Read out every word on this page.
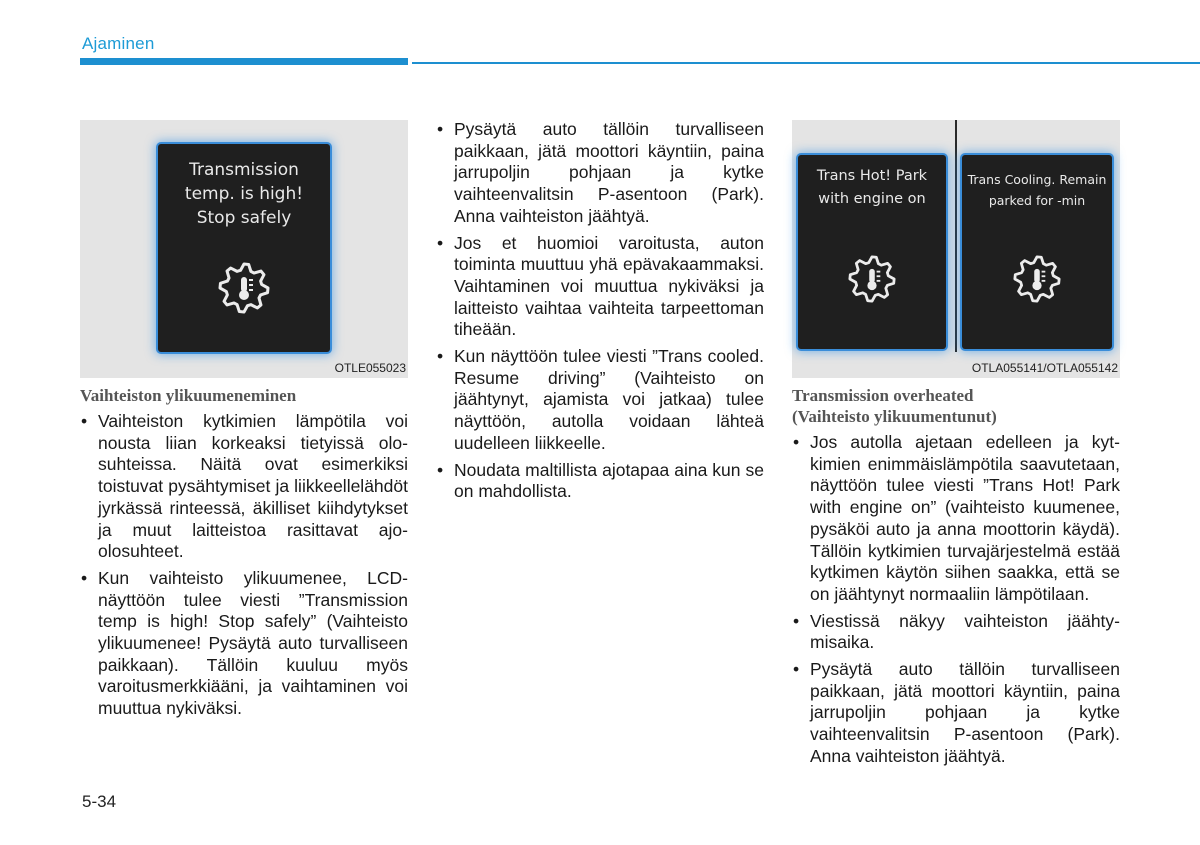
Ajaminen
Transmission
temp. is high!
Stop safely
OTLE055023
Trans Hot! Park
with engine on
Trans Cooling. Remain
parked for -min
OTLA055141/OTLA055142
Vaihteiston ylikuumeneminen
• Vaihteiston kytkimien lämpötila voi nousta liian korkeaksi tietyissä olosuhteissa. Näitä ovat esimerkiksi toistuvat pysähtymiset ja liikkeellelähdöt jyrkässä rinteessä, äkilliset kiihdytykset ja muut laitteistoa rasittavat ajo-olosuhteet.
• Kun vaihteisto ylikuumenee, LCD-näyttöön tulee viesti ”Transmission temp is high! Stop safely” (Vaihteisto ylikuumenee! Pysäytä auto turvalliseen paikkaan). Tällöin kuuluu myös varoitusmerkkiääni, ja vaihtaminen voi muuttua nykiväksi.
• Pysäytä auto tällöin turvalliseen paikkaan, jätä moottori käyntiin, paina jarrupoljin pohjaan ja kytke vaihteenvalitsin P-asentoon (Park). Anna vaihteiston jäähtyä.
• Jos et huomioi varoitusta, auton toiminta muuttuu yhä epävakaammaksi. Vaihtaminen voi muuttua nykiväksi ja laitteisto vaihtaa vaihteita tarpeettoman tiheään.
• Kun näyttöön tulee viesti ”Trans cooled. Resume driving” (Vaihteisto on jäähtynyt, ajamista voi jatkaa) tulee näyttöön, autolla voidaan lähteä uudelleen liikkeelle.
• Noudata maltillista ajotapaa aina kun se on mahdollista.
Transmission overheated
(Vaihteisto ylikuumentunut)
• Jos autolla ajetaan edelleen ja kytkimien enimmäislämpötila saavutetaan, näyttöön tulee viesti ”Trans Hot! Park with engine on” (vaihteisto kuumenee, pysäköi auto ja anna moottorin käydä). Tällöin kytkimien turvajärjestelmä estää kytkimen käytön siihen saakka, että se on jäähtynyt normaaliin lämpötilaan.
• Viestissä näkyy vaihteiston jäähtymisaika.
• Pysäytä auto tällöin turvalliseen paikkaan, jätä moottori käyntiin, paina jarrupoljin pohjaan ja kytke vaihteenvalitsin P-asentoon (Park). Anna vaihteiston jäähtyä.
5-34
